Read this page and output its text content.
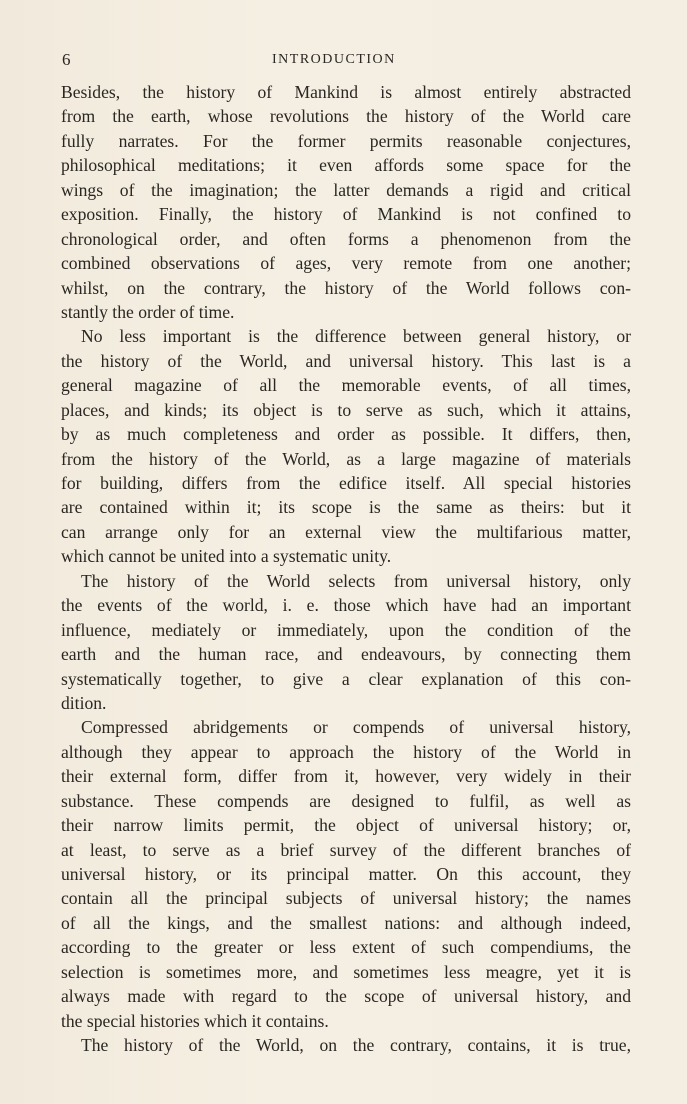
6	INTRODUCTION
Besides, the history of Mankind is almost entirely abstracted
from the earth, whose revolutions the history of the World care
fully narrates. For the former permits reasonable conjectures,
philosophical meditations; it even affords some space for the
wings of the imagination; the latter demands a rigid and critical
exposition. Finally, the history of Mankind is not confined to
chronological order, and often forms a phenomenon from the
combined observations of ages, very remote from one another;
whilst, on the contrary, the history of the World follows con-
stantly the order of time.
No less important is the difference between general history, or
the history of the World, and universal history. This last is a
general magazine of all the memorable events, of all times,
places, and kinds; its object is to serve as such, which it attains,
by as much completeness and order as possible. It differs, then,
from the history of the World, as a large magazine of materials
for building, differs from the edifice itself. All special histories
are contained within it; its scope is the same as theirs: but it
can arrange only for an external view the multifarious matter,
which cannot be united into a systematic unity.
The history of the World selects from universal history, only
the events of the world, i. e. those which have had an important
influence, mediately or immediately, upon the condition of the
earth and the human race, and endeavours, by connecting them
systematically together, to give a clear explanation of this con-
dition.
Compressed abridgements or compends of universal history,
although they appear to approach the history of the World in
their external form, differ from it, however, very widely in their
substance. These compends are designed to fulfil, as well as
their narrow limits permit, the object of universal history; or,
at least, to serve as a brief survey of the different branches of
universal history, or its principal matter. On this account, they
contain all the principal subjects of universal history; the names
of all the kings, and the smallest nations: and although indeed,
according to the greater or less extent of such compendiums, the
selection is sometimes more, and sometimes less meagre, yet it is
always made with regard to the scope of universal history, and
the special histories which it contains.
The history of the World, on the contrary, contains, it is true,
